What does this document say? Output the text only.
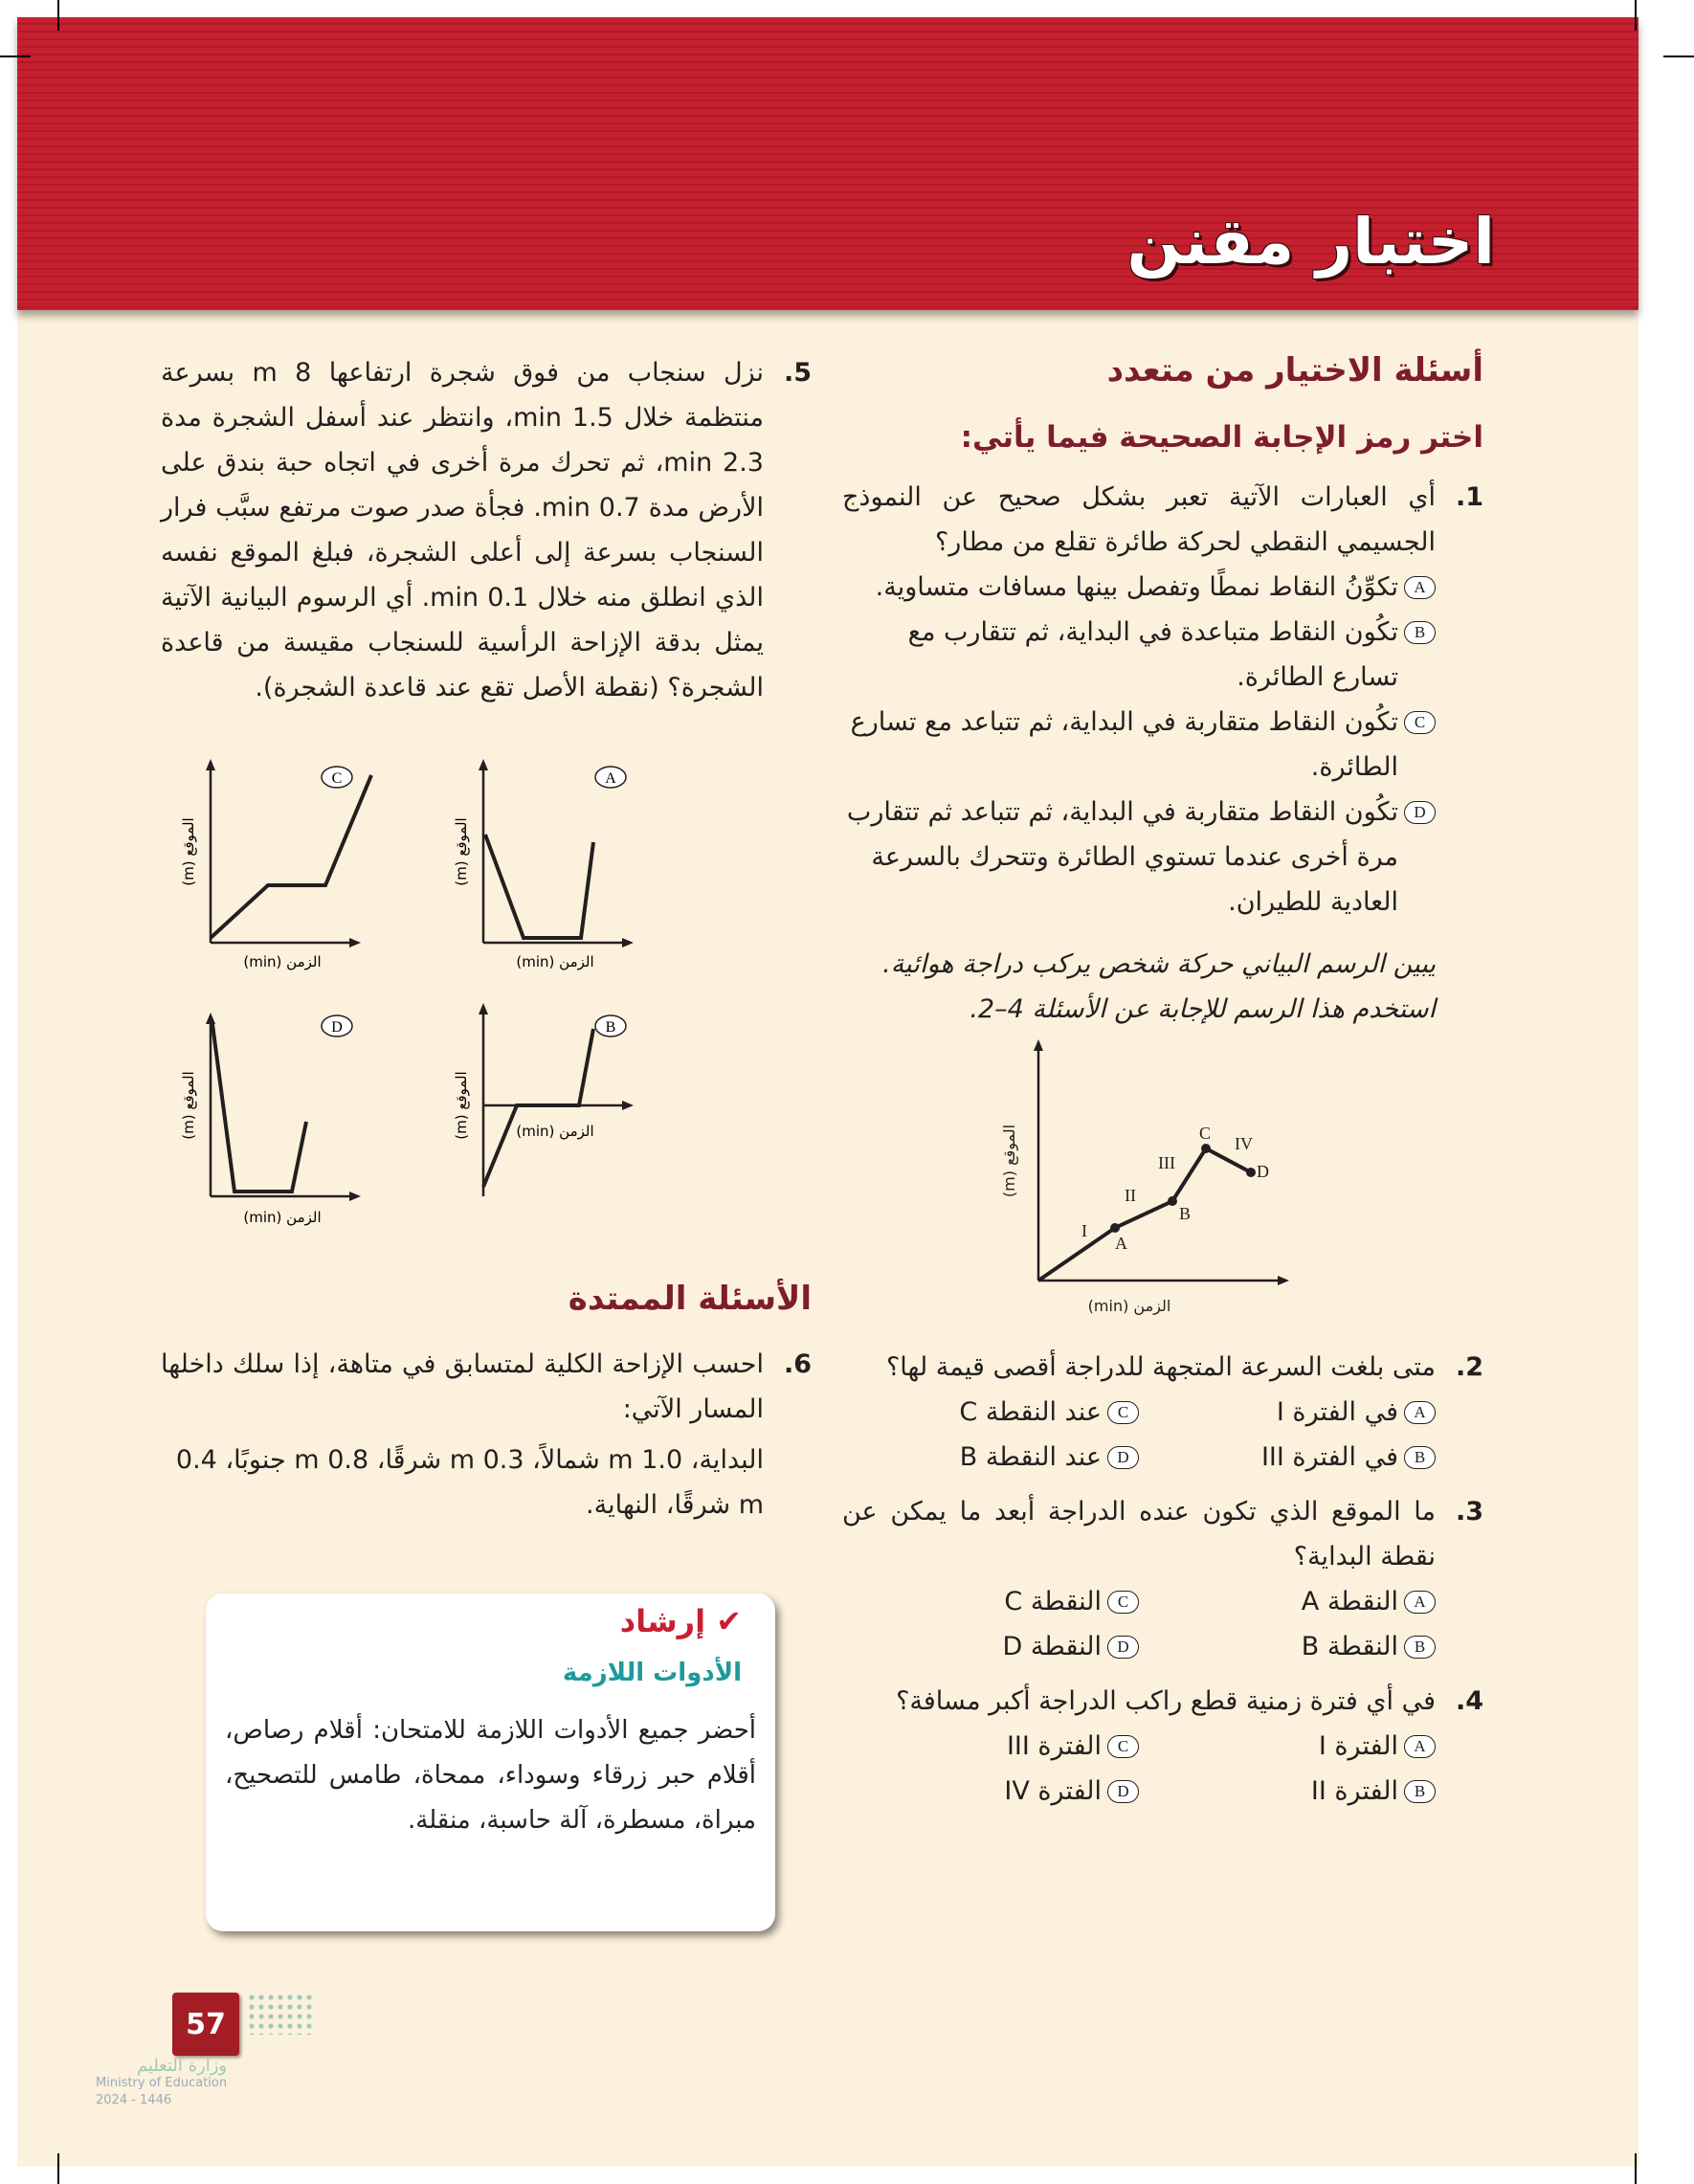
اختبار مقنن
أسئلة الاختيار من متعدد
اختر رمز الإجابة الصحيحة فيما يأتي:
1.
أي العبارات الآتية تعبر بشكل صحيح عن النموذج الجسيمي النقطي لحركة طائرة تقلع من مطار؟
A
تكوِّنُ النقاط نمطًا وتفصل بينها مسافات متساوية.
B
تكُون النقاط متباعدة في البداية، ثم تتقارب مع تسارع الطائرة.
C
تكُون النقاط متقاربة في البداية، ثم تتباعد مع تسارع الطائرة.
D
تكُون النقاط متقاربة في البداية، ثم تتباعد ثم تتقارب مرة أخرى عندما تستوي الطائرة وتتحرك بالسرعة العادية للطيران.
يبين الرسم البياني حركة شخص يركب دراجة هوائية. استخدم هذا الرسم للإجابة عن الأسئلة 4–2.
A
B
C
D
I
II
III
IV
الموقع (m)
الزمن (min)
2.
متى بلغت السرعة المتجهة للدراجة أقصى قيمة لها؟
A
في الفترة I
C
عند النقطة C
B
في الفترة III
D
عند النقطة B
3.
ما الموقع الذي تكون عنده الدراجة أبعد ما يمكن عن نقطة البداية؟
A
النقطة A
C
النقطة C
B
النقطة B
D
النقطة D
4.
في أي فترة زمنية قطع راكب الدراجة أكبر مسافة؟
A
الفترة I
C
الفترة III
B
الفترة II
D
الفترة IV
5.
نزل سنجاب من فوق شجرة ارتفاعها 8 m بسرعة منتظمة خلال 1.5 min، وانتظر عند أسفل الشجرة مدة 2.3 min، ثم تحرك مرة أخرى في اتجاه حبة بندق على الأرض مدة 0.7 min. فجأة صدر صوت مرتفع سبَّب فرار السنجاب بسرعة إلى أعلى الشجرة، فبلغ الموقع نفسه الذي انطلق منه خلال 0.1 min. أي الرسوم البيانية الآتية يمثل بدقة الإزاحة الرأسية للسنجاب مقيسة من قاعدة الشجرة؟ (نقطة الأصل تقع عند قاعدة الشجرة).
C
الموقع (m)
الزمن (min)
A
الموقع (m)
الزمن (min)
D
الموقع (m)
الزمن (min)
B
الموقع (m)
الزمن (min)
الأسئلة الممتدة
6.
احسب الإزاحة الكلية لمتسابق في متاهة، إذا سلك داخلها المسار الآتي:
البداية، 1.0 m شمالاً، 0.3 m شرقًا، 0.8 m جنوبًا، 0.4 m شرقًا، النهاية.
✔ إرشاد
الأدوات اللازمة
أحضر جميع الأدوات اللازمة للامتحان: أقلام رصاص، أقلام حبر زرقاء وسوداء، ممحاة، طامس للتصحيح، مبراة، مسطرة، آلة حاسبة، منقلة.
57
وزارة التعليم
Ministry of Education
2024 - 1446
